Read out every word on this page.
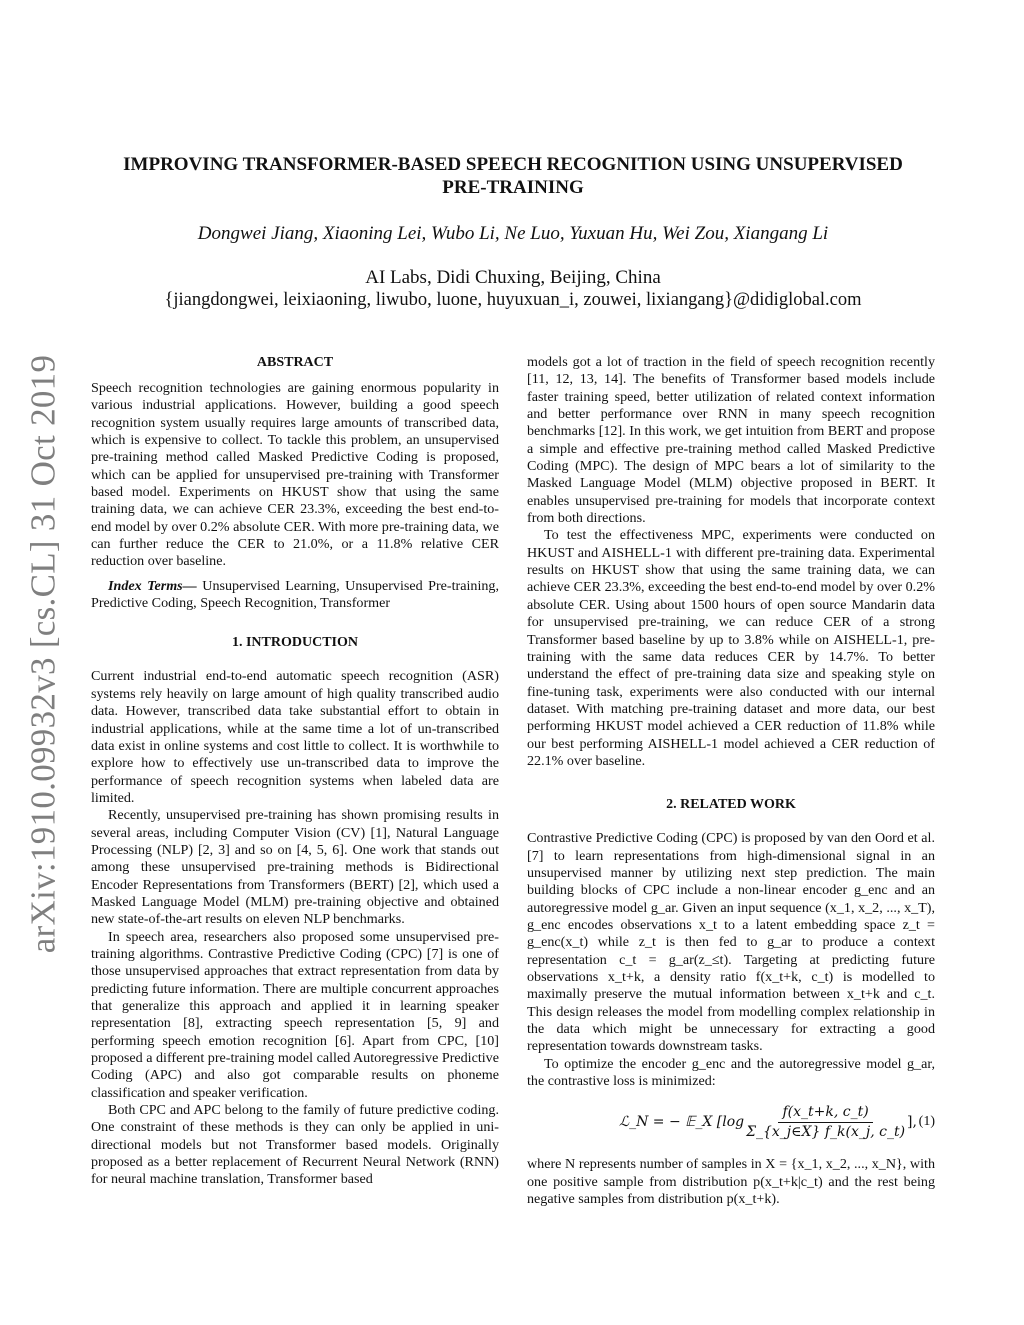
arXiv:1910.09932v3 [cs.CL] 31 Oct 2019
IMPROVING TRANSFORMER-BASED SPEECH RECOGNITION USING UNSUPERVISED
PRE-TRAINING
Dongwei Jiang, Xiaoning Lei, Wubo Li, Ne Luo, Yuxuan Hu, Wei Zou, Xiangang Li
AI Labs, Didi Chuxing, Beijing, China
{jiangdongwei, leixiaoning, liwubo, luone, huyuxuan_i, zouwei, lixiangang}@didiglobal.com
ABSTRACT

Speech recognition technologies are gaining enormous popularity in various industrial applications. However, building a good speech recognition system usually requires large amounts of transcribed data, which is expensive to collect. To tackle this problem, an unsupervised pre-training method called Masked Predictive Coding is proposed, which can be applied for unsupervised pre-training with Transformer based model. Experiments on HKUST show that using the same training data, we can achieve CER 23.3%, exceeding the best end-to-end model by over 0.2% absolute CER. With more pre-training data, we can further reduce the CER to 21.0%, or a 11.8% relative CER reduction over baseline.

Index Terms— Unsupervised Learning, Unsupervised Pre-training, Predictive Coding, Speech Recognition, Transformer

1. INTRODUCTION

Current industrial end-to-end automatic speech recognition (ASR) systems rely heavily on large amount of high quality transcribed audio data. However, transcribed data take substantial effort to obtain in industrial applications, while at the same time a lot of un-transcribed data exist in online systems and cost little to collect. It is worthwhile to explore how to effectively use un-transcribed data to improve the performance of speech recognition systems when labeled data are limited.

Recently, unsupervised pre-training has shown promising results in several areas, including Computer Vision (CV) [1], Natural Language Processing (NLP) [2, 3] and so on [4, 5, 6]. One work that stands out among these unsupervised pre-training methods is Bidirectional Encoder Representations from Transformers (BERT) [2], which used a Masked Language Model (MLM) pre-training objective and obtained new state-of-the-art results on eleven NLP benchmarks.

In speech area, researchers also proposed some unsupervised pre-training algorithms. Contrastive Predictive Coding (CPC) [7] is one of those unsupervised approaches that extract representation from data by predicting future information. There are multiple concurrent approaches that generalize this approach and applied it in learning speaker representation [8], extracting speech representation [5, 9] and performing speech emotion recognition [6]. Apart from CPC, [10] proposed a different pre-training model called Autoregressive Predictive Coding (APC) and also got comparable results on phoneme classification and speaker verification.

Both CPC and APC belong to the family of future predictive coding. One constraint of these methods is they can only be applied in uni-directional models but not Transformer based models. Originally proposed as a better replacement of Recurrent Neural Network (RNN) for neural machine translation, Transformer based

models got a lot of traction in the field of speech recognition recently [11, 12, 13, 14]. The benefits of Transformer based models include faster training speed, better utilization of related context information and better performance over RNN in many speech recognition benchmarks [12]. In this work, we get intuition from BERT and propose a simple and effective pre-training method called Masked Predictive Coding (MPC). The design of MPC bears a lot of similarity to the Masked Language Model (MLM) objective proposed in BERT. It enables unsupervised pre-training for models that incorporate context from both directions.

To test the effectiveness MPC, experiments were conducted on HKUST and AISHELL-1 with different pre-training data. Experimental results on HKUST show that using the same training data, we can achieve CER 23.3%, exceeding the best end-to-end model by over 0.2% absolute CER. Using about 1500 hours of open source Mandarin data for unsupervised pre-training, we can reduce CER of a strong Transformer based baseline by up to 3.8% while on AISHELL-1, pre-training with the same data reduces CER by 14.7%. To better understand the effect of pre-training data size and speaking style on fine-tuning task, experiments were also conducted with our internal dataset. With matching pre-training dataset and more data, our best performing HKUST model achieved a CER reduction of 11.8% while our best performing AISHELL-1 model achieved a CER reduction of 22.1% over baseline.

2. RELATED WORK

Contrastive Predictive Coding (CPC) is proposed by van den Oord et al. [7] to learn representations from high-dimensional signal in an unsupervised manner by utilizing next step prediction. The main building blocks of CPC include a non-linear encoder g_enc and an autoregressive model g_ar. Given an input sequence (x_1, x_2, ..., x_T), g_enc encodes observations x_t to a latent embedding space z_t = g_enc(x_t) while z_t is then fed to g_ar to produce a context representation c_t = g_ar(z_≤t). Targeting at predicting future observations x_t+k, a density ratio f(x_t+k, c_t) is modelled to maximally preserve the mutual information between x_t+k and c_t. This design releases the model from modelling complex relationship in the data which might be unnecessary for extracting a good representation towards downstream tasks.

To optimize the encoder g_enc and the autoregressive model g_ar, the contrastive loss is minimized:

ℒ_N = − 𝔼_X [$\log \frac{f(x\_t+k, c\_t)}{\Sigma\_\{x\_j\in X\} f\_k(x\_j, c\_t)}$ ], (1)

where N represents number of samples in X = {x_1, x_2, ..., x_N}, with one positive sample from distribution p(x_t+k|c_t) and the rest being negative samples from distribution p(x_t+k).
